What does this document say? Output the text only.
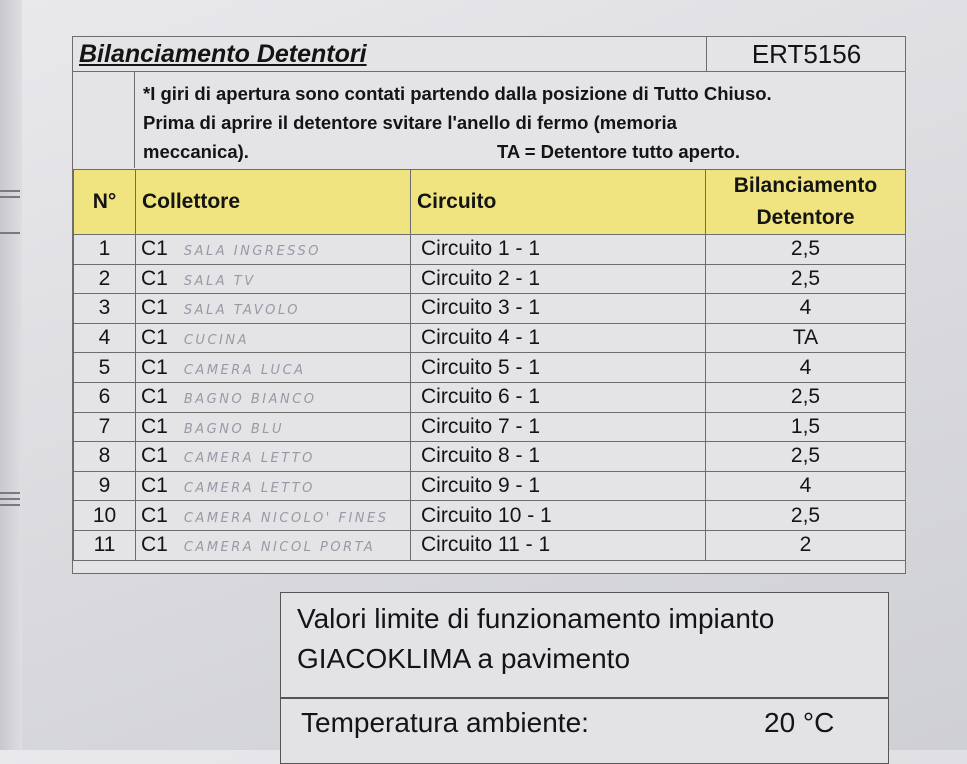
Bilanciamento Detentori	ERT5156
*I giri di apertura sono contati partendo dalla posizione di Tutto Chiuso.
Prima di aprire il detentore svitare l'anello di fermo (memoria
meccanica).	TA = Detentore tutto aperto.
N°	Collettore	Circuito	Bilanciamento
Detentore

1	C1 SALA INGRESSO	Circuito 1 - 1	2,5
2	C1 SALA TV	Circuito 2 - 1	2,5
3	C1 SALA TAVOLO	Circuito 3 - 1	4
4	C1 CUCINA	Circuito 4 - 1	TA
5	C1 CAMERA LUCA	Circuito 5 - 1	4
6	C1 BAGNO BIANCO	Circuito 6 - 1	2,5
7	C1 BAGNO BLU	Circuito 7 - 1	1,5
8	C1 CAMERA LETTO	Circuito 8 - 1	2,5
9	C1 CAMERA LETTO	Circuito 9 - 1	4
10	C1 CAMERA NICOLO' FINES	Circuito 10 - 1	2,5
11	C1 CAMERA NICOL PORTA	Circuito 11 - 1	2
Valori limite di funzionamento impianto
GIACOKLIMA a pavimento
Temperatura ambiente:	20 °C
